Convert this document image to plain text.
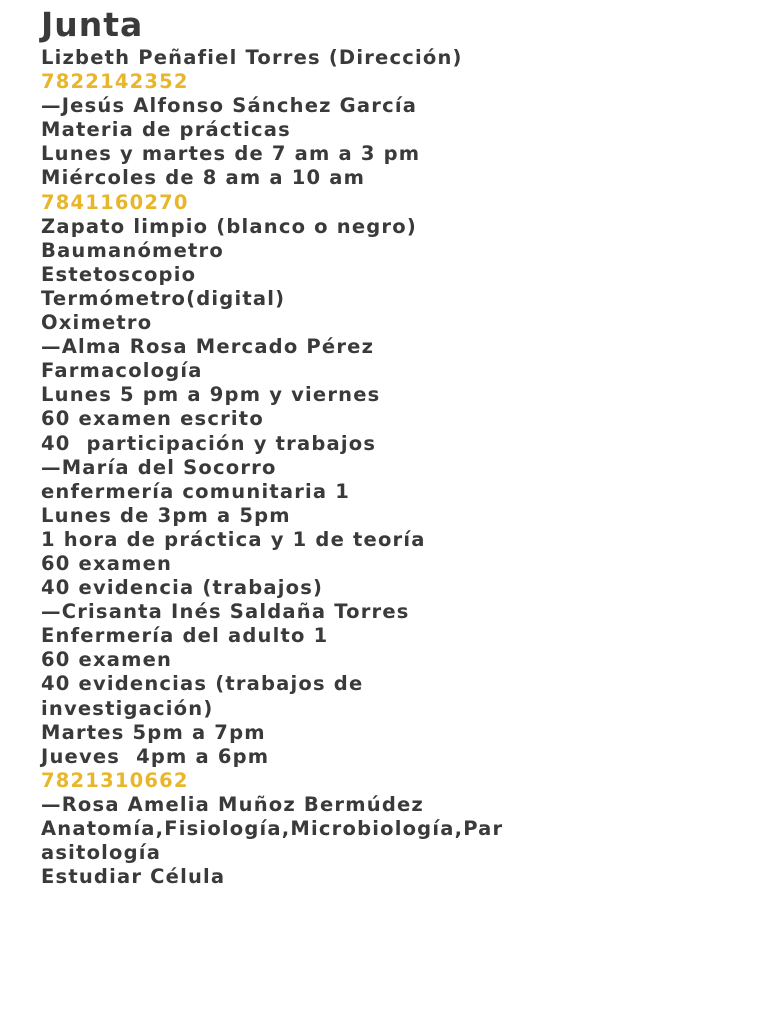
Junta
Lizbeth Peñafiel Torres (Dirección)
7822142352
—Jesús Alfonso Sánchez García
Materia de prácticas
Lunes y martes de 7 am a 3 pm
Miércoles de 8 am a 10 am
7841160270
Zapato limpio (blanco o negro)
Baumanómetro
Estetoscopio
Termómetro(digital)
Oximetro
—Alma Rosa Mercado Pérez
Farmacología
Lunes 5 pm a 9pm y viernes
60 examen escrito
40  participación y trabajos
—María del Socorro
enfermería comunitaria 1
Lunes de 3pm a 5pm
1 hora de práctica y 1 de teoría
60 examen
40 evidencia (trabajos)
—Crisanta Inés Saldaña Torres
Enfermería del adulto 1
60 examen
40 evidencias (trabajos de
investigación)
Martes 5pm a 7pm
Jueves  4pm a 6pm
7821310662
—Rosa Amelia Muñoz Bermúdez
Anatomía,Fisiología,Microbiología,Par
asitología
Estudiar Célula
